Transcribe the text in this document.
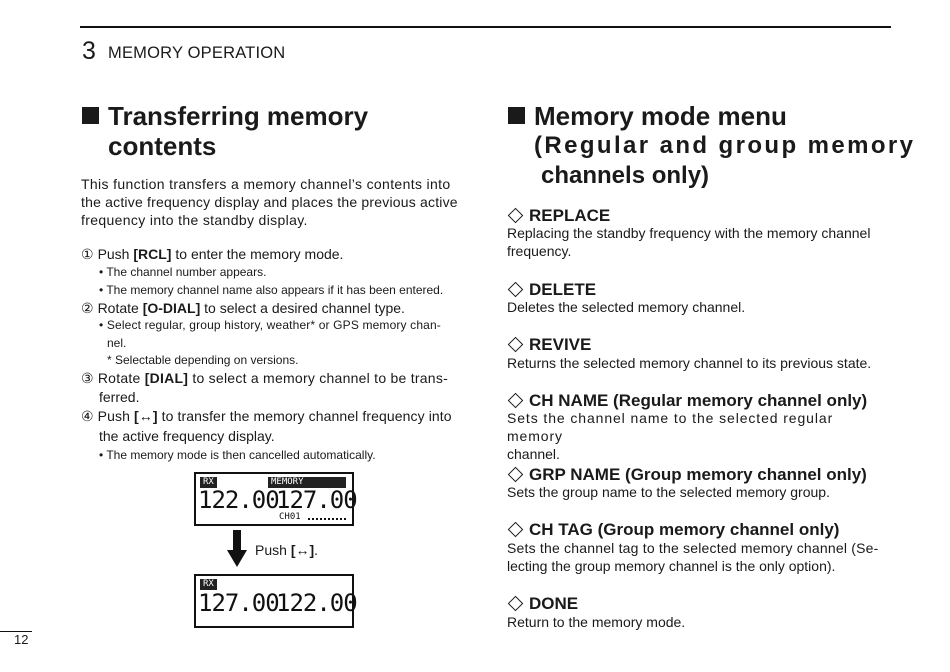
3 MEMORY OPERATION
Transferring memory
contents
This function transfers a memory channel’s contents into
the active frequency display and places the previous active
frequency into the standby display.
① Push [RCL] to enter the memory mode.
• The channel number appears.
• The memory channel name also appears if it has been entered.
② Rotate [O-DIAL] to select a desired channel type.
• Select regular, group history, weather* or GPS memory chan-
nel.
* Selectable depending on versions.
③ Rotate [DIAL] to select a memory channel to be trans-
ferred.
④ Push [↔] to transfer the memory channel frequency into
the active frequency display.
• The memory mode is then cancelled automatically.
RX	MEMORY
122.00
127.00
CH01
Push [↔].
RX
127.00
122.00
Memory mode menu
(Regular and group memory
channels only)
REPLACE
Replacing the standby frequency with the memory channel
frequency.
DELETE
Deletes the selected memory channel.
REVIVE
Returns the selected memory channel to its previous state.
CH NAME (Regular memory channel only)
Sets the channel name to the selected regular memory
channel.
GRP NAME (Group memory channel only)
Sets the group name to the selected memory group.
CH TAG (Group memory channel only)
Sets the channel tag to the selected memory channel (Se-
lecting the group memory channel is the only option).
DONE
Return to the memory mode.
12
